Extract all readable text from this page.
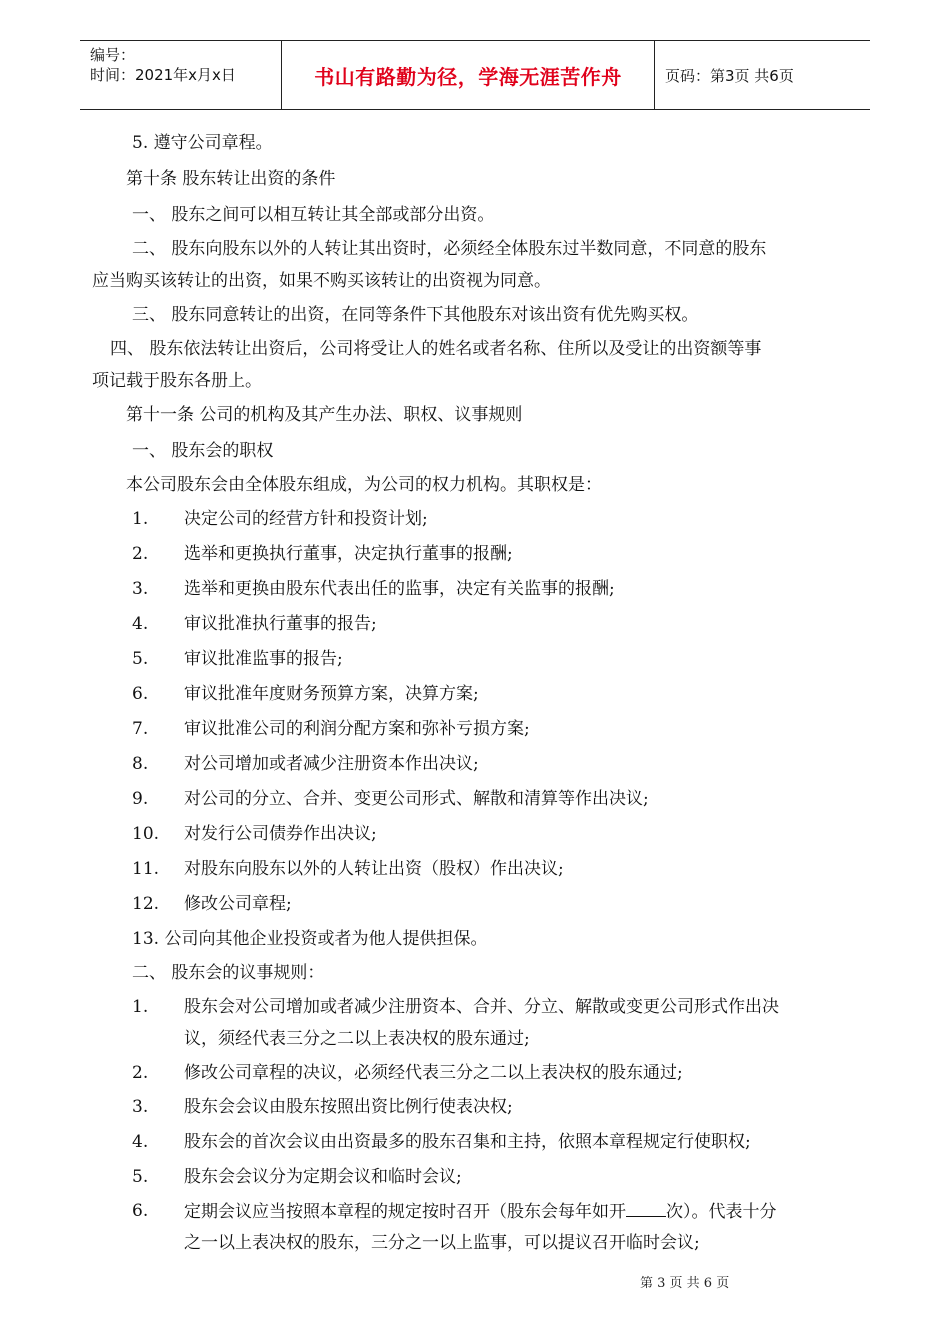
编号：
时间：2021年x月x日	书山有路勤为径，学海无涯苦作舟	页码：第3页 共6页
5. 遵守公司章程。
第十条 股东转让出资的条件
一、 股东之间可以相互转让其全部或部分出资。
二、 股东向股东以外的人转让其出资时，必须经全体股东过半数同意，不同意的股东
应当购买该转让的出资，如果不购买该转让的出资视为同意。
三、 股东同意转让的出资，在同等条件下其他股东对该出资有优先购买权。
四、 股东依法转让出资后，公司将受让人的姓名或者名称、住所以及受让的出资额等事
项记载于股东各册上。
第十一条 公司的机构及其产生办法、职权、议事规则
一、 股东会的职权
本公司股东会由全体股东组成，为公司的权力机构。其职权是：
1.	决定公司的经营方针和投资计划;
2.	选举和更换执行董事，决定执行董事的报酬;
3.	选举和更换由股东代表出任的监事，决定有关监事的报酬;
4.	审议批准执行董事的报告;
5.	审议批准监事的报告;
6.	审议批准年度财务预算方案，决算方案;
7.	审议批准公司的利润分配方案和弥补亏损方案;
8.	对公司增加或者减少注册资本作出决议;
9.	对公司的分立、合并、变更公司形式、解散和清算等作出决议;
10.	对发行公司债券作出决议;
11.	对股东向股东以外的人转让出资（股权）作出决议;
12.	修改公司章程;
13. 公司向其他企业投资或者为他人提供担保。
二、 股东会的议事规则：
1.	股东会对公司增加或者减少注册资本、合并、分立、解散或变更公司形式作出决
议，须经代表三分之二以上表决权的股东通过;
2.	修改公司章程的决议，必须经代表三分之二以上表决权的股东通过;
3.	股东会会议由股东按照出资比例行使表决权;
4.	股东会的首次会议由出资最多的股东召集和主持，依照本章程规定行使职权;
5.	股东会会议分为定期会议和临时会议;
6.	定期会议应当按照本章程的规定按时召开（股东会每年如开 次）。代表十分
之一以上表决权的股东，三分之一以上监事，可以提议召开临时会议;
第 3 页 共 6 页
